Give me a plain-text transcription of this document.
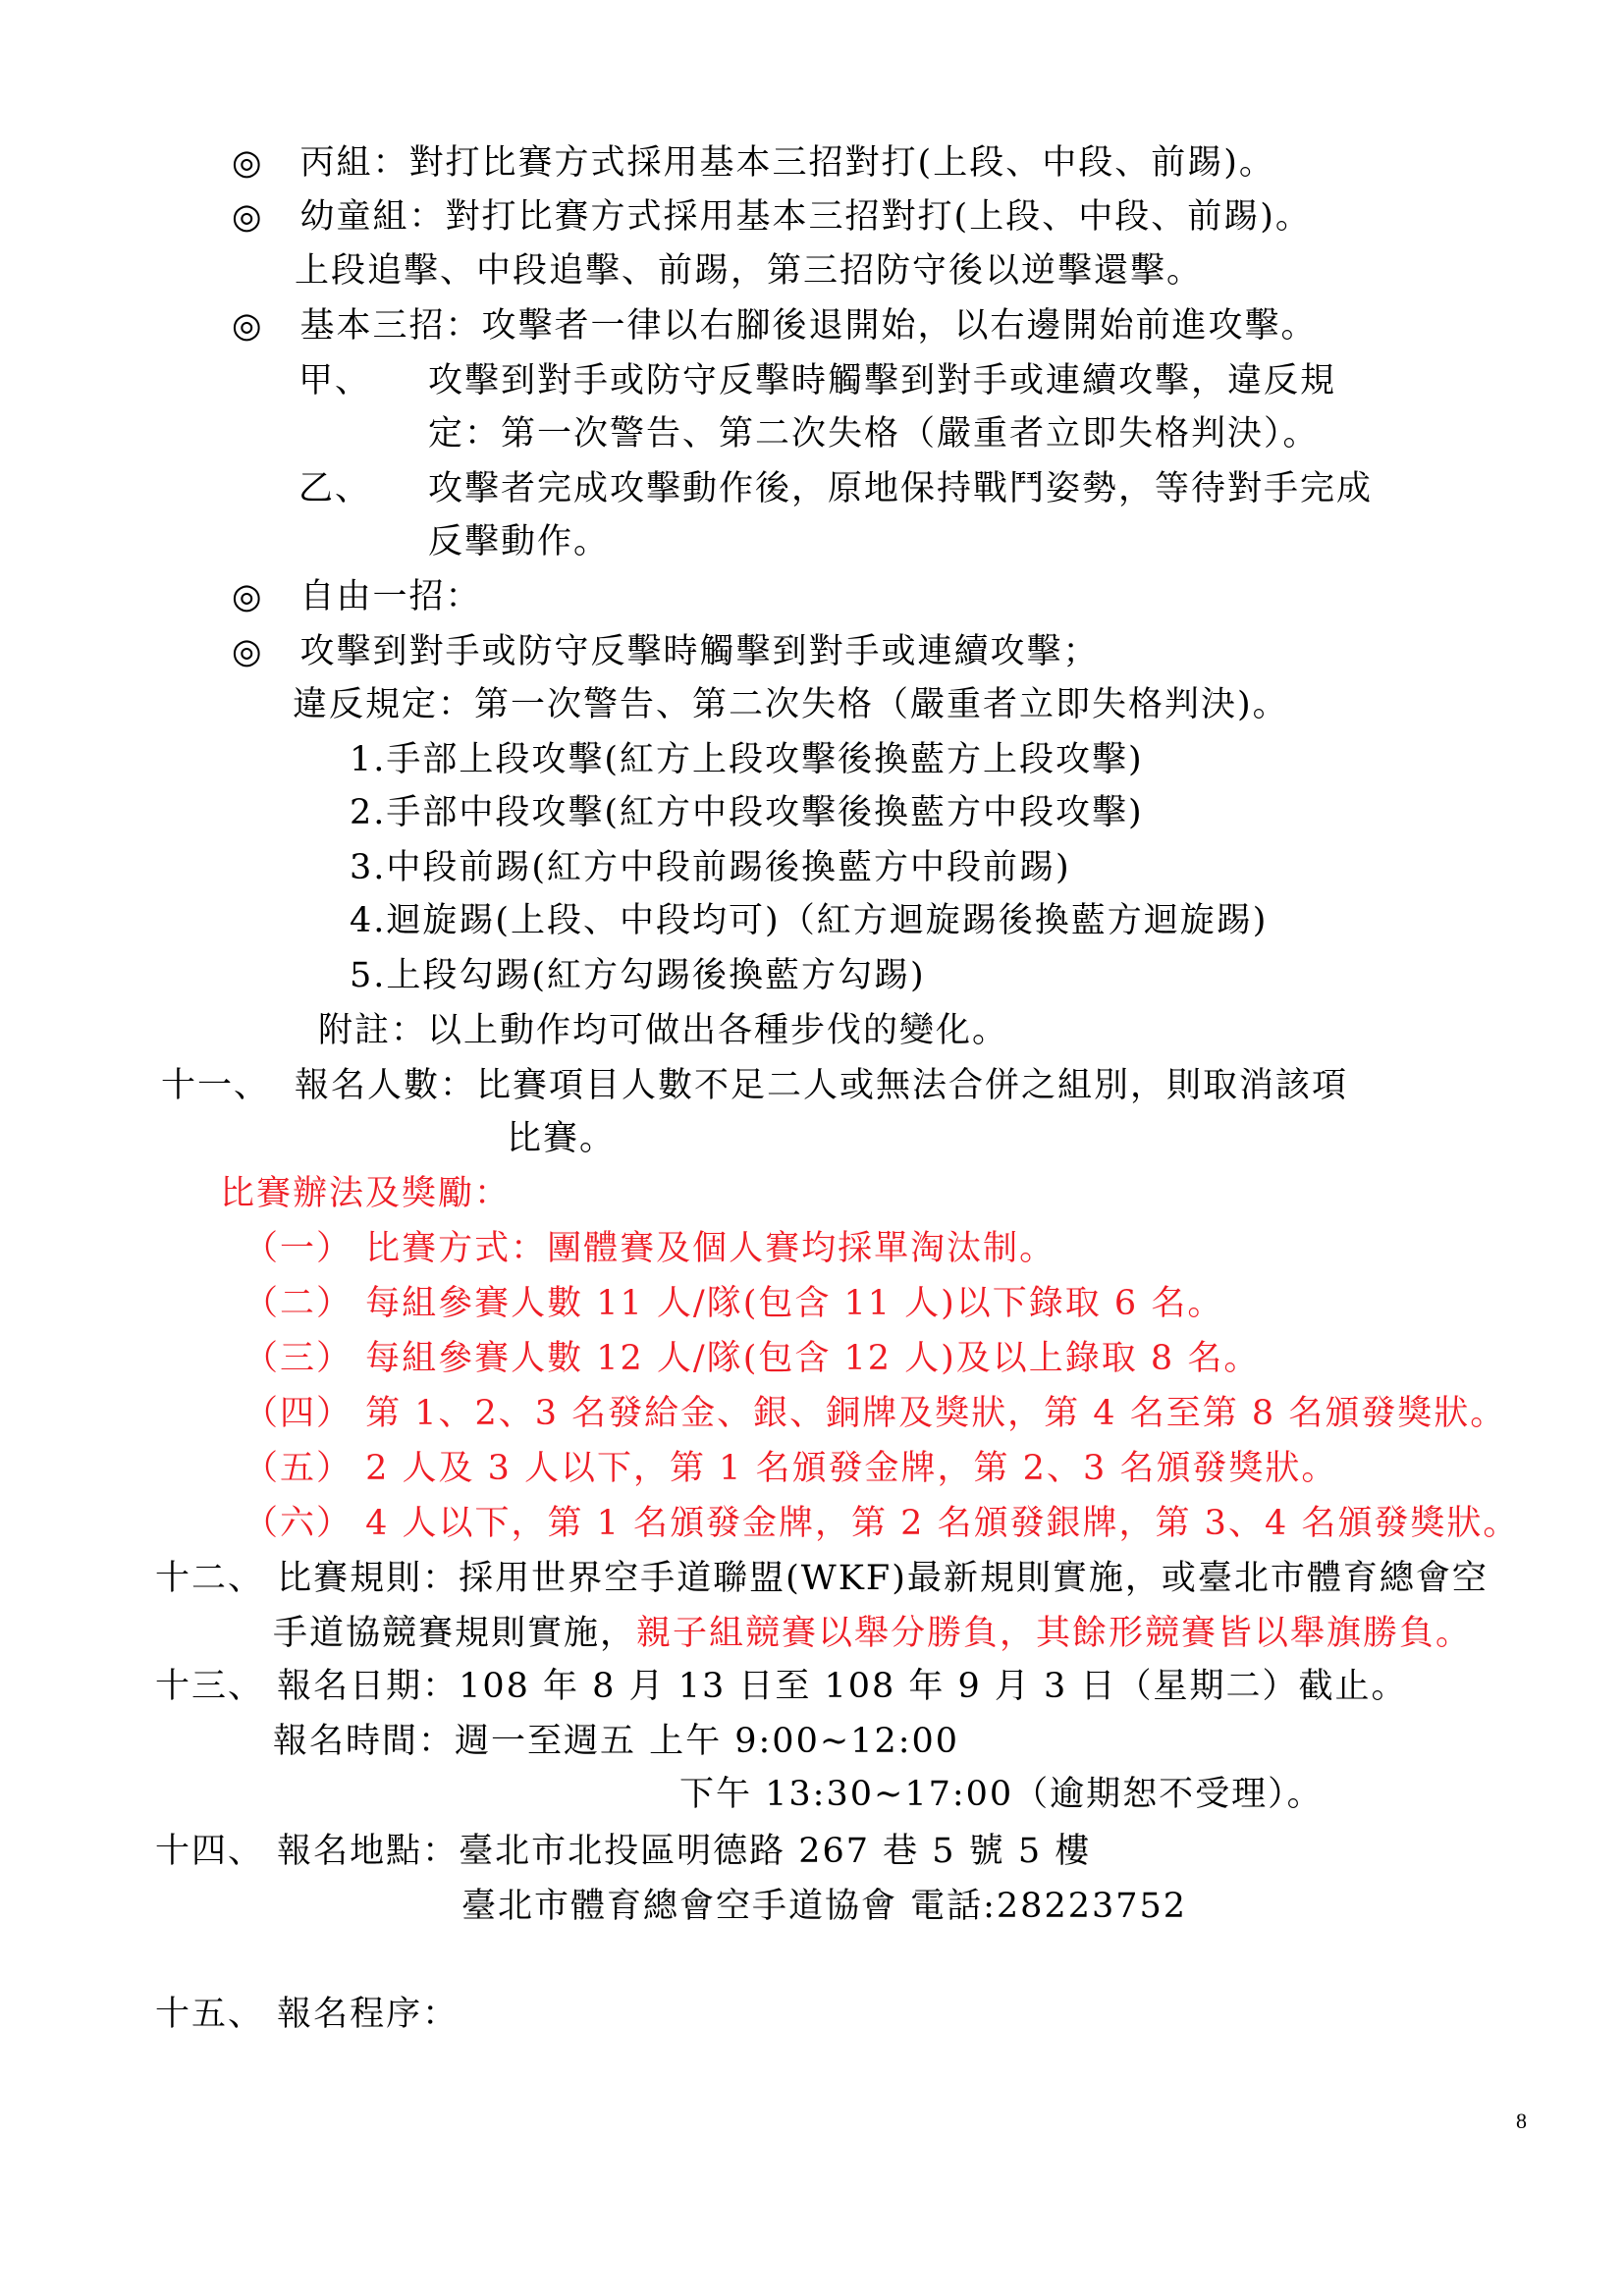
◎　丙組：對打比賽方式採用基本三招對打(上段、中段、前踢)。
◎　幼童組：對打比賽方式採用基本三招對打(上段、中段、前踢)。
上段追擊、中段追擊、前踢，第三招防守後以逆擊還擊。
◎　基本三招：攻擊者一律以右腳後退開始，以右邊開始前進攻擊。
甲、 攻擊到對手或防守反擊時觸擊到對手或連續攻擊，違反規
定：第一次警告、第二次失格（嚴重者立即失格判決）。
乙、 攻擊者完成攻擊動作後，原地保持戰鬥姿勢，等待對手完成
反擊動作。
◎　自由一招：
◎　攻擊到對手或防守反擊時觸擊到對手或連續攻擊；
違反規定：第一次警告、第二次失格（嚴重者立即失格判決)。
1.手部上段攻擊(紅方上段攻擊後換藍方上段攻擊)
2.手部中段攻擊(紅方中段攻擊後換藍方中段攻擊)
3.中段前踢(紅方中段前踢後換藍方中段前踢)
4.迴旋踢(上段、中段均可)（紅方迴旋踢後換藍方迴旋踢)
5.上段勾踢(紅方勾踢後換藍方勾踢)
附註：以上動作均可做出各種步伐的變化。
十一、 報名人數：比賽項目人數不足二人或無法合併之組別，則取消該項
比賽。
比賽辦法及獎勵：
（一） 比賽方式：團體賽及個人賽均採單淘汰制。
（二） 每組參賽人數 11 人/隊(包含 11 人)以下錄取 6 名。
（三） 每組參賽人數 12 人/隊(包含 12 人)及以上錄取 8 名。
（四） 第 1、2、3 名發給金、銀、銅牌及獎狀，第 4 名至第 8 名頒發獎狀。
（五） 2 人及 3 人以下，第 1 名頒發金牌，第 2、3 名頒發獎狀。
（六） 4 人以下，第 1 名頒發金牌，第 2 名頒發銀牌，第 3、4 名頒發獎狀。
十二、 比賽規則：採用世界空手道聯盟(WKF)最新規則實施，或臺北市體育總會空
手道協競賽規則實施，親子組競賽以舉分勝負，其餘形競賽皆以舉旗勝負。
十三、 報名日期：108 年 8 月 13 日至 108 年 9 月 3 日（星期二）截止。
報名時間：週一至週五 上午 9:00~12:00
下午 13:30~17:00（逾期恕不受理）。
十四、 報名地點：臺北市北投區明德路 267 巷 5 號 5 樓
臺北市體育總會空手道協會 電話:28223752
十五、 報名程序：
8
